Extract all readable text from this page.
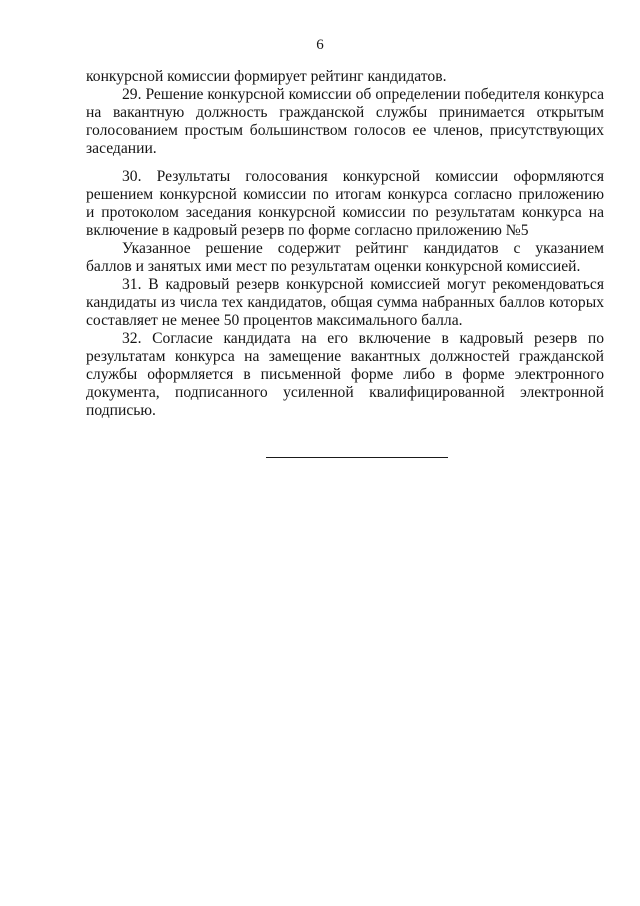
6
конкурсной комиссии формирует рейтинг кандидатов.
29. Решение конкурсной комиссии об определении победителя конкурса
на вакантную должность гражданской службы принимается открытым
голосованием простым большинством голосов ее членов, присутствующих
заседании.
30. Результаты голосования конкурсной комиссии оформляются
решением конкурсной комиссии по итогам конкурса согласно приложению
и протоколом заседания конкурсной комиссии по результатам конкурса на
включение в кадровый резерв по форме согласно приложению №5
Указанное решение содержит рейтинг кандидатов с указанием
баллов и занятых ими мест по результатам оценки конкурсной комиссией.
31. В кадровый резерв конкурсной комиссией могут рекомендоваться
кандидаты из числа тех кандидатов, общая сумма набранных баллов которых
составляет не менее 50 процентов максимального балла.
32. Согласие кандидата на его включение в кадровый резерв по
результатам конкурса на замещение вакантных должностей гражданской
службы оформляется в письменной форме либо в форме электронного
документа, подписанного усиленной квалифицированной электронной
подписью.
